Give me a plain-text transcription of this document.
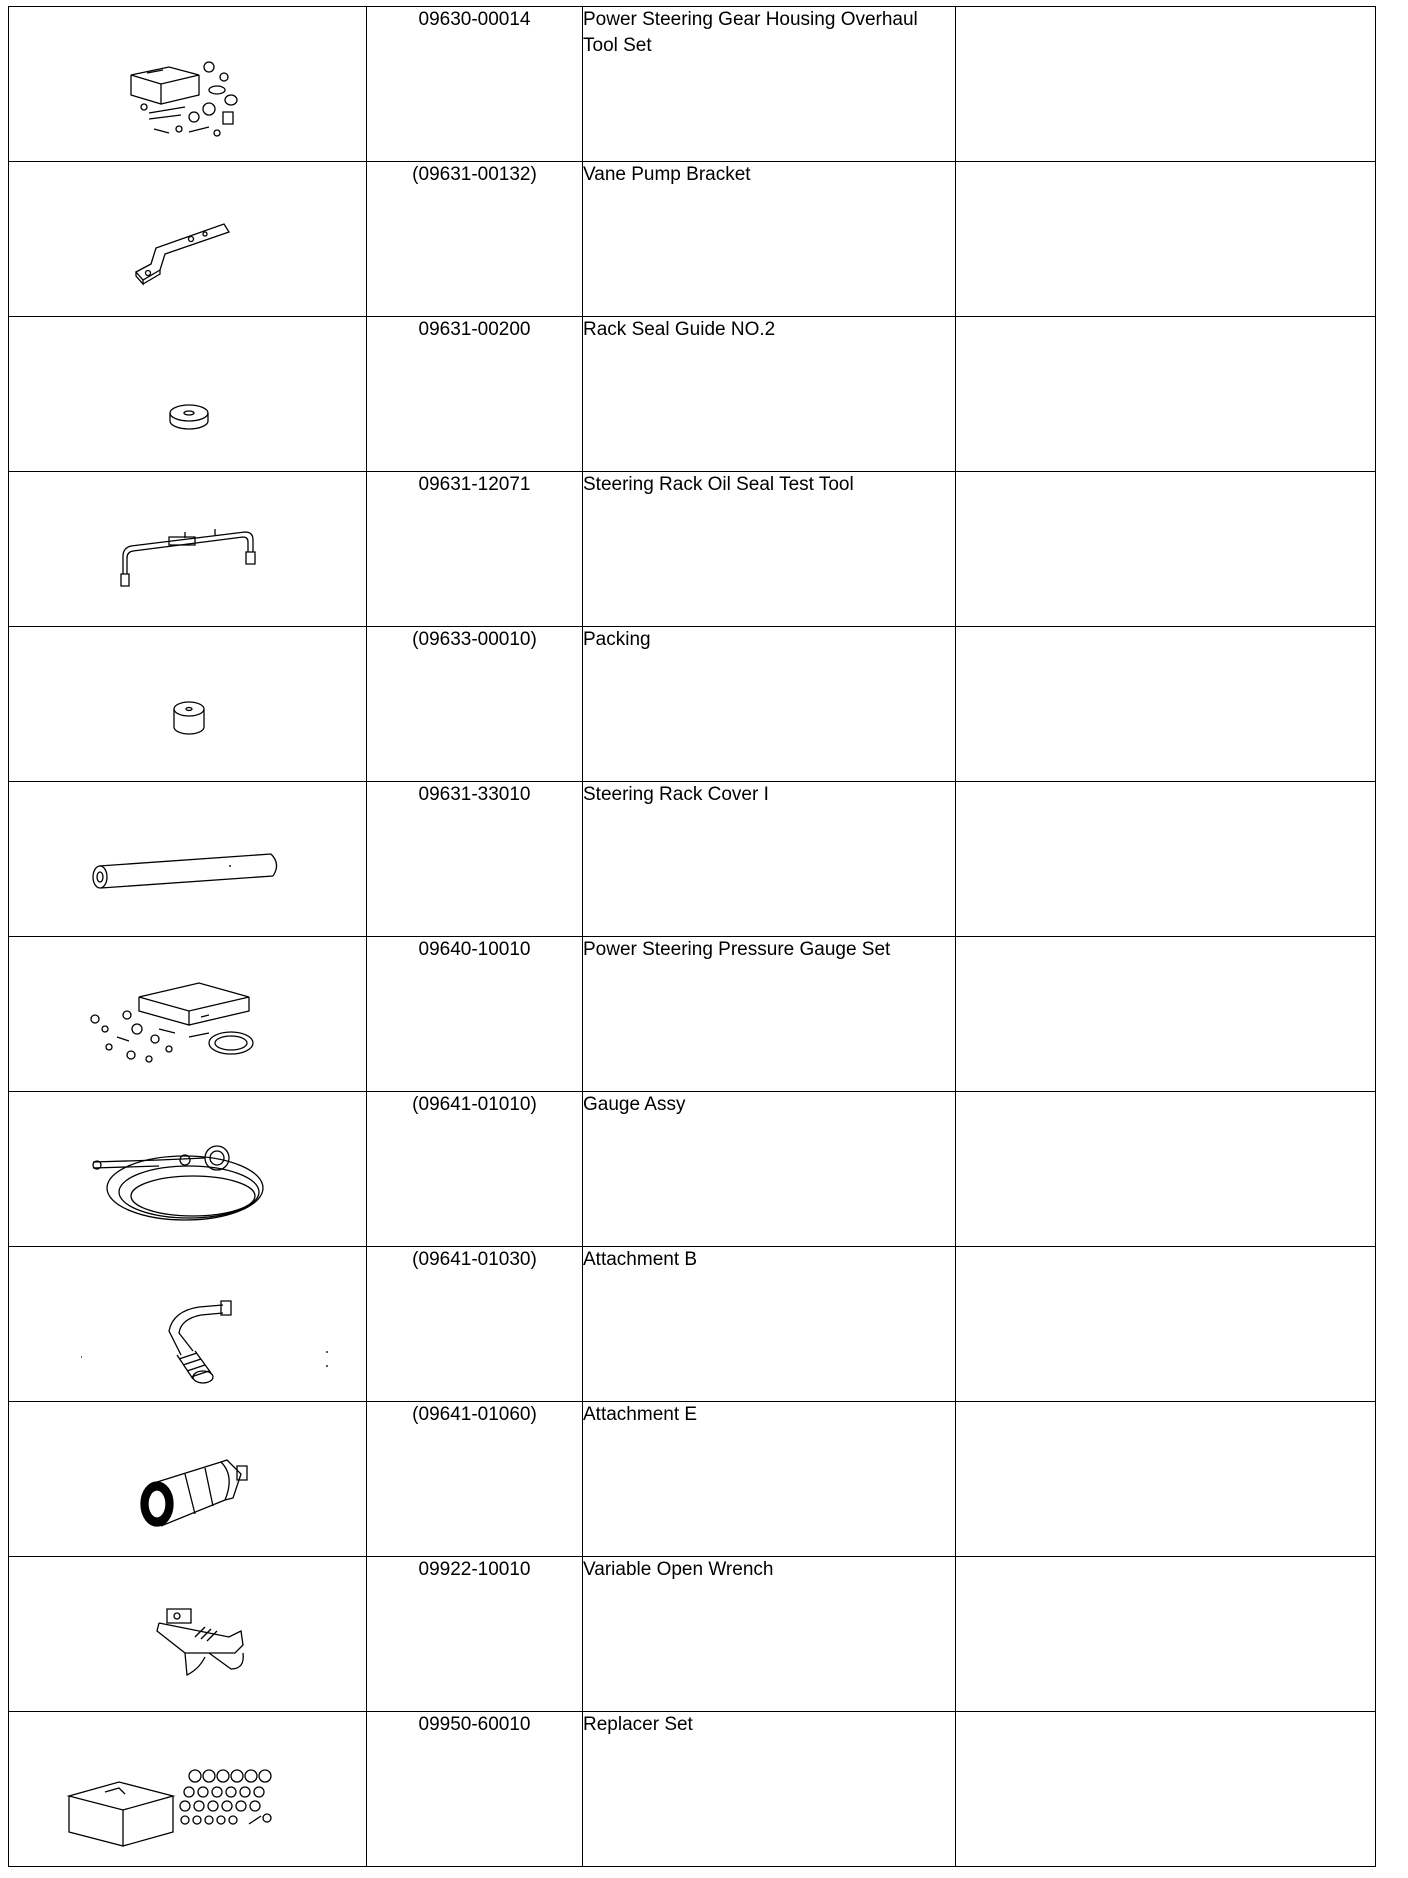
	09630-00014	Power Steering Gear Housing Overhaul Tool Set	

	(09631-00132)	Vane Pump Bracket	

	09631-00200	Rack Seal Guide NO.2	

	09631-12071	Steering Rack Oil Seal Test Tool	

	(09633-00010)	Packing	

	09631-33010	Steering Rack Cover I	

	09640-10010	Power Steering Pressure Gauge Set	

	(09641-01010)	Gauge Assy	

	(09641-01030)	Attachment B	

	(09641-01060)	Attachment E	

	09922-10010	Variable Open Wrench	

	09950-60010	Replacer Set	
